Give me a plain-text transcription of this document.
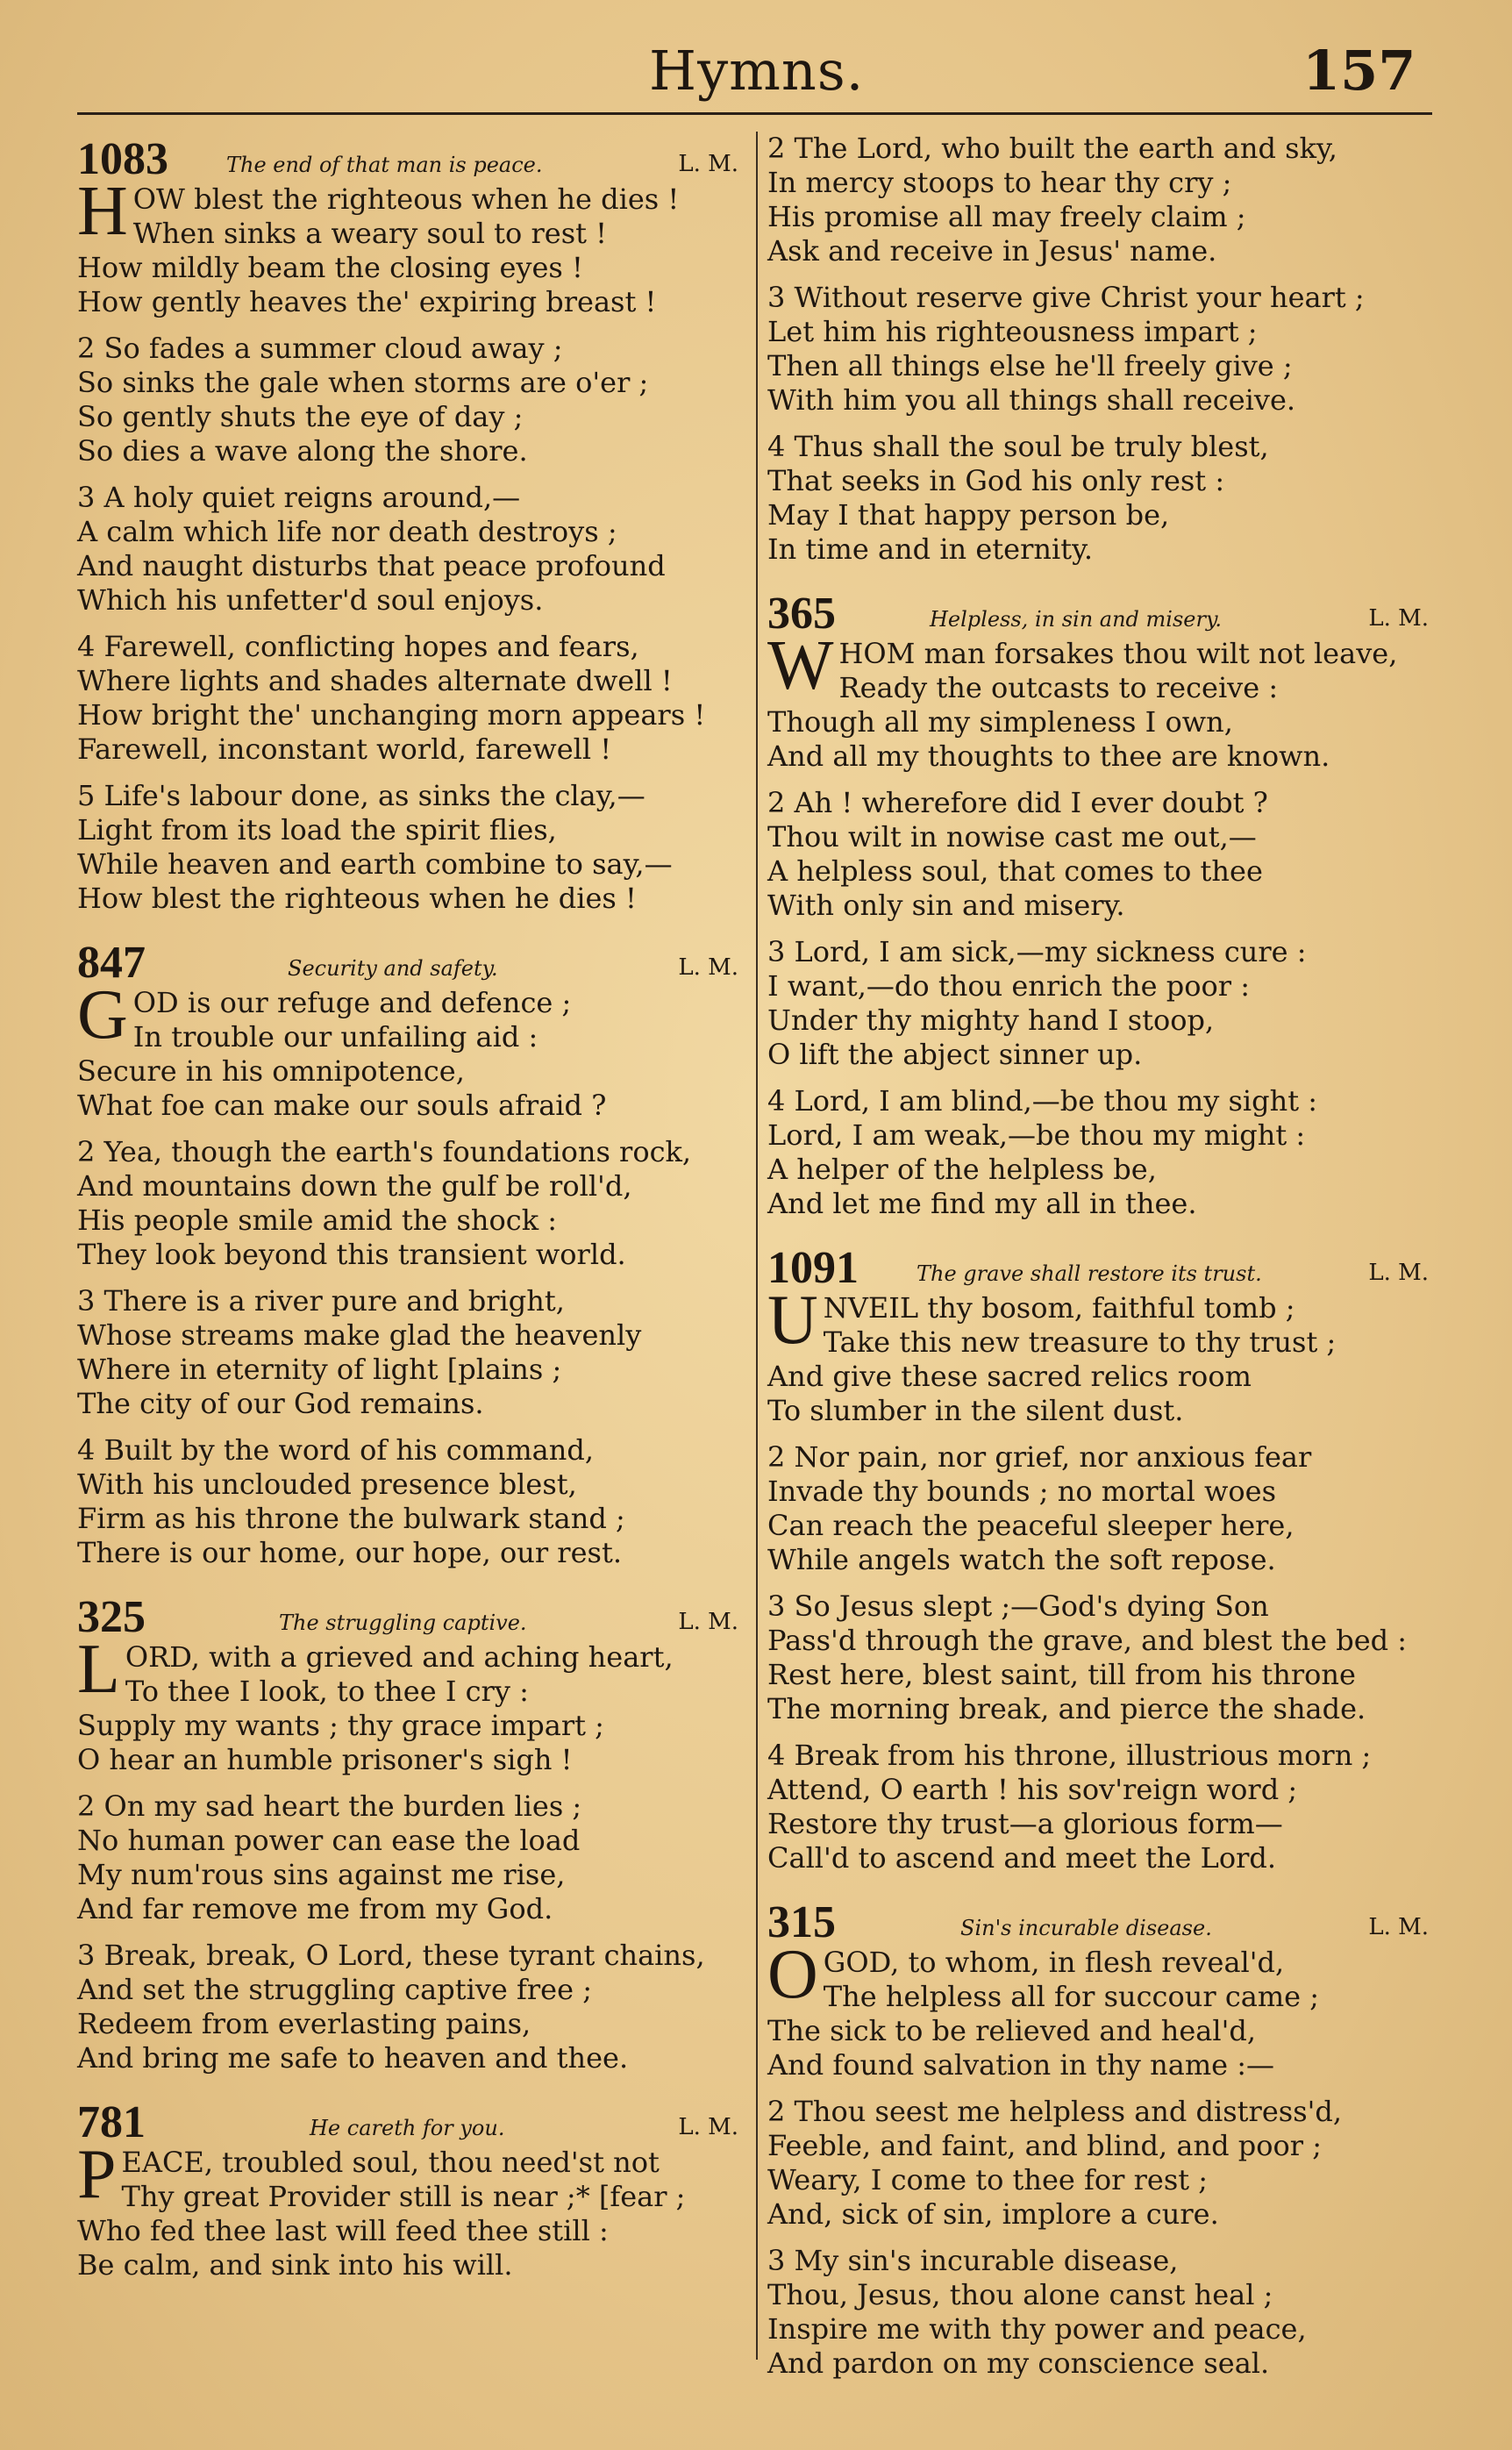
Hymns.	157
1083	The end of that man is peace.	L. M.
HOW blest the righteous when he dies !
When sinks a weary soul to rest !
How mildly beam the closing eyes !
How gently heaves the' expiring breast !
2 So fades a summer cloud away ;
So sinks the gale when storms are o'er ;
So gently shuts the eye of day ;
So dies a wave along the shore.
3 A holy quiet reigns around,—
A calm which life nor death destroys ;
And naught disturbs that peace profound
Which his unfetter'd soul enjoys.
4 Farewell, conflicting hopes and fears,
Where lights and shades alternate dwell !
How bright the' unchanging morn appears !
Farewell, inconstant world, farewell !
5 Life's labour done, as sinks the clay,—
Light from its load the spirit flies,
While heaven and earth combine to say,—
How blest the righteous when he dies !
847	Security and safety.	L. M.
GOD is our refuge and defence ;
In trouble our unfailing aid :
Secure in his omnipotence,
What foe can make our souls afraid ?
2 Yea, though the earth's foundations rock,
And mountains down the gulf be roll'd,
His people smile amid the shock :
They look beyond this transient world.
3 There is a river pure and bright,
Whose streams make glad the heavenly
Where in eternity of light [plains ;
The city of our God remains.
4 Built by the word of his command,
With his unclouded presence blest,
Firm as his throne the bulwark stand ;
There is our home, our hope, our rest.
325	The struggling captive.	L. M.
LORD, with a grieved and aching heart,
To thee I look, to thee I cry :
Supply my wants ; thy grace impart ;
O hear an humble prisoner's sigh !
2 On my sad heart the burden lies ;
No human power can ease the load
My num'rous sins against me rise,
And far remove me from my God.
3 Break, break, O Lord, these tyrant chains,
And set the struggling captive free ;
Redeem from everlasting pains,
And bring me safe to heaven and thee.
781	He careth for you.	L. M.
PEACE, troubled soul, thou need'st not
Thy great Provider still is near ;* [fear ;
Who fed thee last will feed thee still :
Be calm, and sink into his will.
2 The Lord, who built the earth and sky,
In mercy stoops to hear thy cry ;
His promise all may freely claim ;
Ask and receive in Jesus' name.
3 Without reserve give Christ your heart ;
Let him his righteousness impart ;
Then all things else he'll freely give ;
With him you all things shall receive.
4 Thus shall the soul be truly blest,
That seeks in God his only rest :
May I that happy person be,
In time and in eternity.
365	Helpless, in sin and misery.	L. M.
WHOM man forsakes thou wilt not leave,
Ready the outcasts to receive :
Though all my simpleness I own,
And all my thoughts to thee are known.
2 Ah ! wherefore did I ever doubt ?
Thou wilt in nowise cast me out,—
A helpless soul, that comes to thee
With only sin and misery.
3 Lord, I am sick,—my sickness cure :
I want,—do thou enrich the poor :
Under thy mighty hand I stoop,
O lift the abject sinner up.
4 Lord, I am blind,—be thou my sight :
Lord, I am weak,—be thou my might :
A helper of the helpless be,
And let me find my all in thee.
1091	The grave shall restore its trust.	L. M.
UNVEIL thy bosom, faithful tomb ;
Take this new treasure to thy trust ;
And give these sacred relics room
To slumber in the silent dust.
2 Nor pain, nor grief, nor anxious fear
Invade thy bounds ; no mortal woes
Can reach the peaceful sleeper here,
While angels watch the soft repose.
3 So Jesus slept ;—God's dying Son
Pass'd through the grave, and blest the bed :
Rest here, blest saint, till from his throne
The morning break, and pierce the shade.
4 Break from his throne, illustrious morn ;
Attend, O earth ! his sov'reign word ;
Restore thy trust—a glorious form—
Call'd to ascend and meet the Lord.
315	Sin's incurable disease.	L. M.
O GOD, to whom, in flesh reveal'd,
The helpless all for succour came ;
The sick to be relieved and heal'd,
And found salvation in thy name :—
2 Thou seest me helpless and distress'd,
Feeble, and faint, and blind, and poor ;
Weary, I come to thee for rest ;
And, sick of sin, implore a cure.
3 My sin's incurable disease,
Thou, Jesus, thou alone canst heal ;
Inspire me with thy power and peace,
And pardon on my conscience seal.
